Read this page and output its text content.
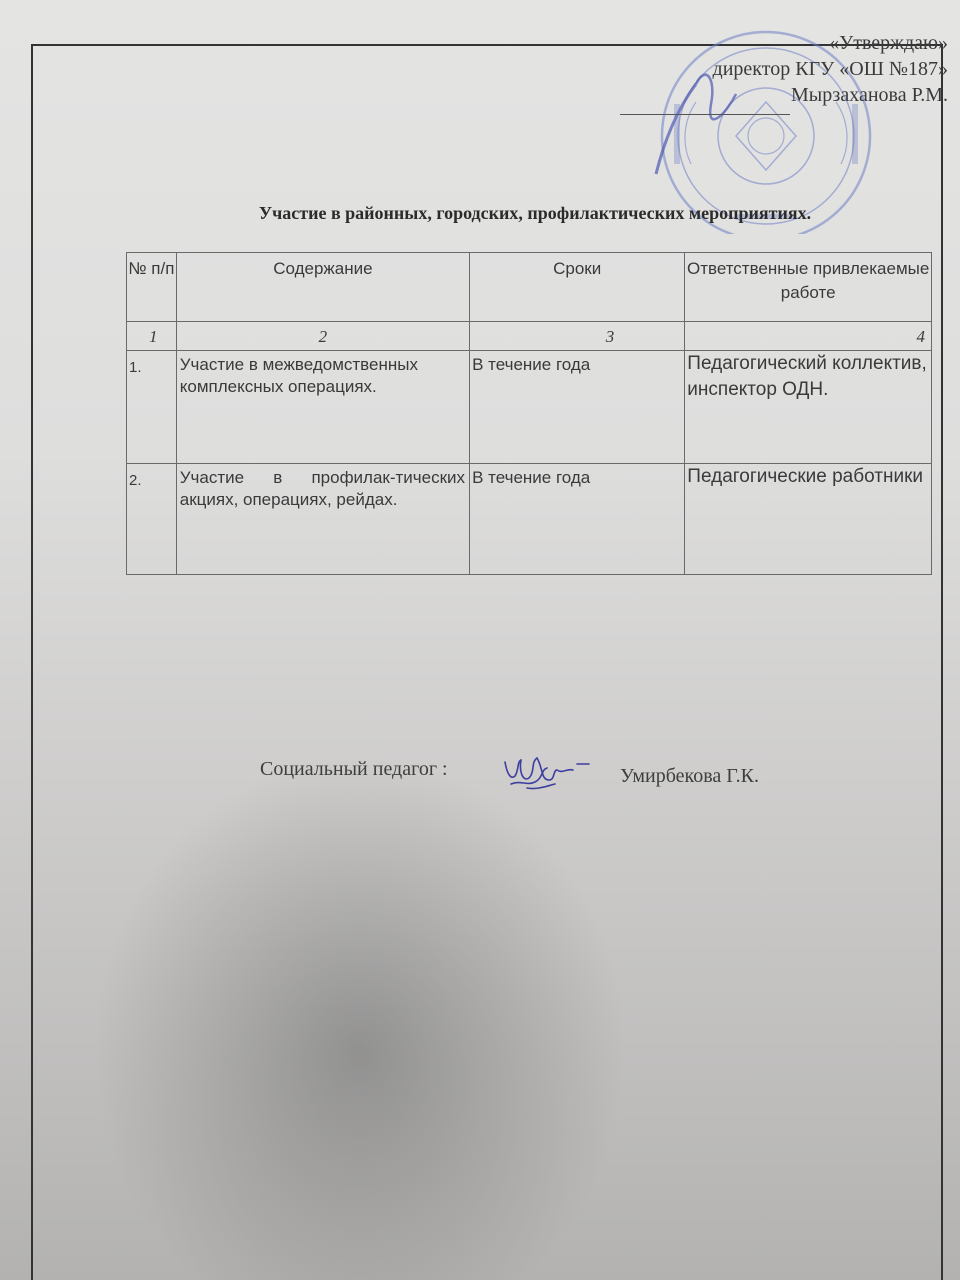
«Утверждаю»
директор КГУ «ОШ №187»
Мырзаханова Р.М.
Участие в районных, городских, профилактических мероприятиях.
№ п/п	Содержание	Сроки	Ответственные привлекаемые работе
1	2	3	4
1.	Участие в межведомственных комплексных операциях.	В течение года	Педагогический коллектив, инспектор ОДН.
2.	Участие в профилак-тических акциях, операциях, рейдах.	В течение года	Педагогические работники
Социальный педагог :	Умирбекова Г.К.
